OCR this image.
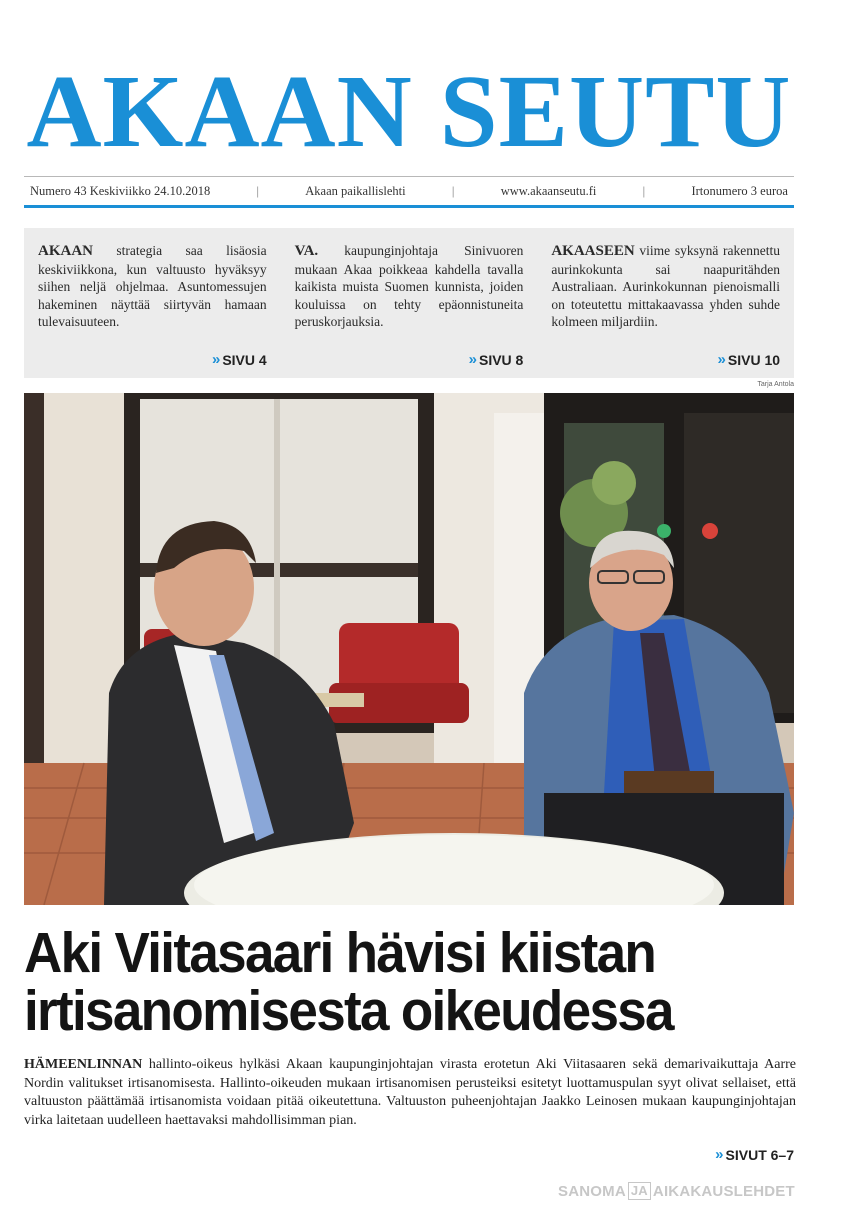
AKAAN SEUTU
Numero 43 Keskiviikko 24.10.2018	|	Akaan paikallislehti	|	www.akaanseutu.fi	|	Irtonumero 3 euroa

AKAAN strategia saa lisäosia keskiviikkona, kun valtuusto hyväksyy siihen neljä ohjelmaa. Asuntomessujen hakeminen näyttää siirtyvän hamaan tulevaisuuteen.

» SIVU 4

VA. kaupunginjohtaja Sinivuoren mukaan Akaa poikkeaa kahdella tavalla kaikista muista Suomen kunnista, joiden kouluissa on tehty epäonnistuneita peruskorjauksia.

» SIVU 8

AKAASEEN viime syksynä rakennettu aurinkokunta sai naapuritähden Australiaan. Aurinkokunnan pienoismalli on toteutettu mittakaavassa yhden suhde kolmeen miljardiin.

» SIVU 10
Tarja Antola
Aki Viitasaari hävisi kiistan
irtisanomisesta oikeudessa

HÄMEENLINNAN hallinto-oikeus hylkäsi Akaan kaupunginjohtajan virasta erotetun Aki Viitasaaren sekä demarivaikuttaja Aarre Nordin valitukset irtisanomisesta. Hallinto-oikeuden mukaan irtisanomisen perusteiksi esitetyt luottamuspulan syyt olivat sellaiset, että valtuuston päättämää irtisanomista voidaan pitää oikeutettuna. Valtuuston puheenjohtajan Jaakko Leinosen mukaan kaupunginjohtajan virka laitetaan uudelleen haettavaksi mahdollisimman pian.

» SIVUT 6–7
SANOMA JA AIKAKAUSLEHDET
